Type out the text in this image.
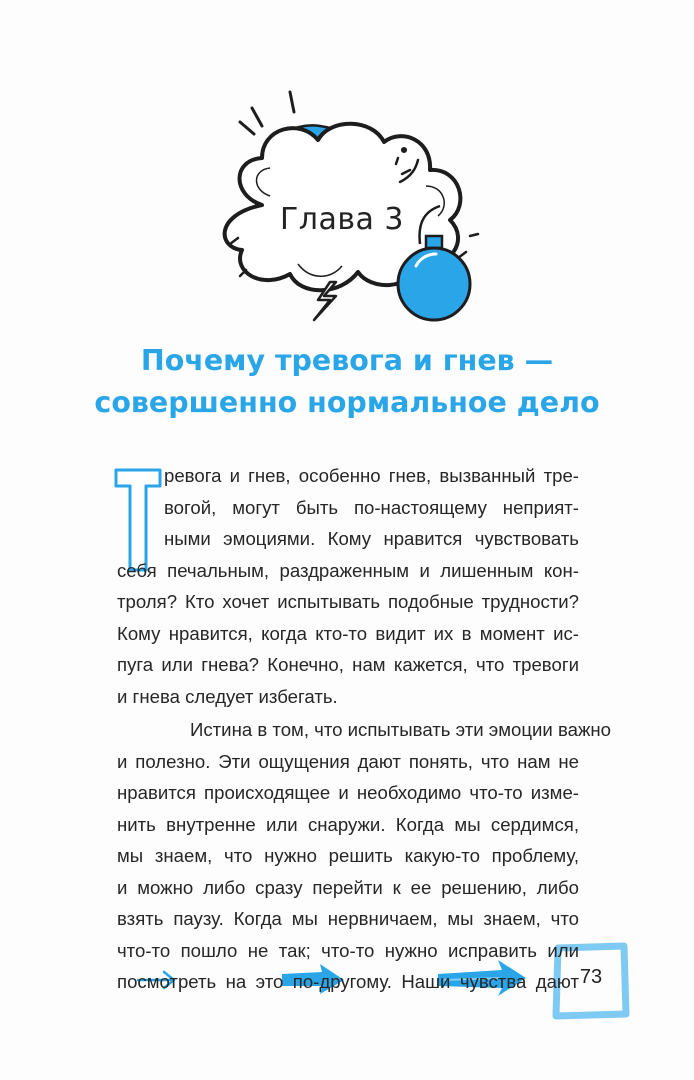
Глава 3
Почему тревога и гнев —
совершенно нормальное дело
ревога и гнев, особенно гнев, вызванный тре-
вогой, могут быть по-настоящему неприят-
ными эмоциями. Кому нравится чувствовать
себя печальным, раздраженным и лишенным кон-
троля? Кто хочет испытывать подобные трудности?
Кому нравится, когда кто-то видит их в момент ис-
пуга или гнева? Конечно, нам кажется, что тревоги
и гнева следует избегать.
Истина в том, что испытывать эти эмоции важно
и полезно. Эти ощущения дают понять, что нам не
нравится происходящее и необходимо что-то изме-
нить внутренне или снаружи. Когда мы сердимся,
мы знаем, что нужно решить какую-то проблему,
и можно либо сразу перейти к ее решению, либо
взять паузу. Когда мы нервничаем, мы знаем, что
что-то пошло не так; что-то нужно исправить или
посмотреть на это по-другому. Наши чувства дают 73
